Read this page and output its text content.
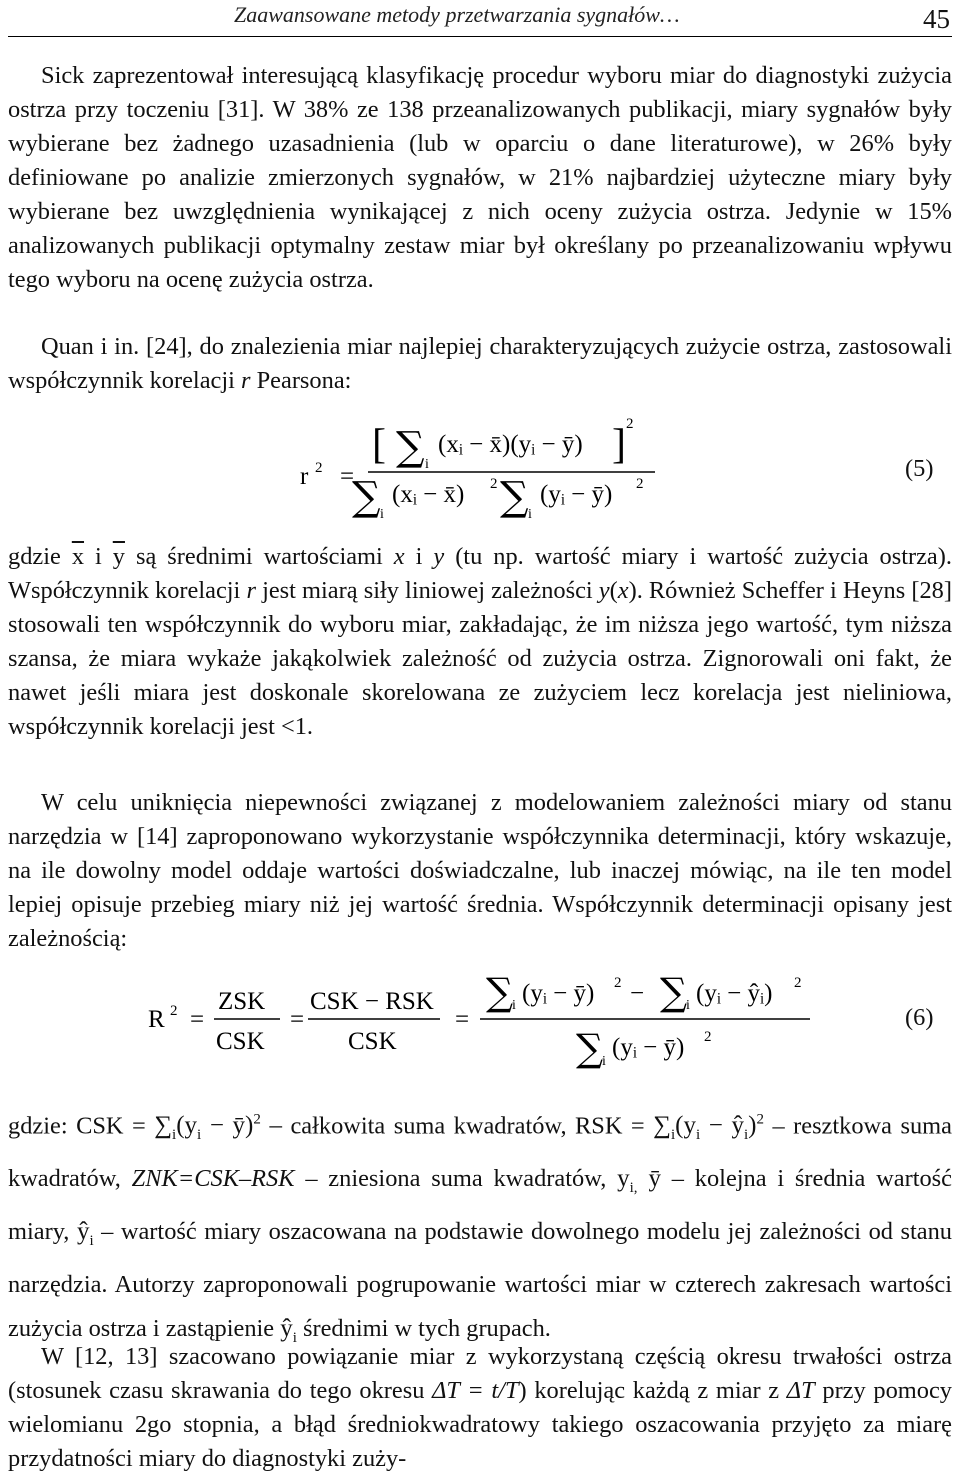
Zaawansowane metody przetwarzania sygnałów…	45

Sick zaprezentował interesującą klasyfikację procedur wyboru miar do diagnostyki zużycia ostrza przy toczeniu [31]. W 38% ze 138 przeanalizowanych publikacji, miary sygnałów były wybierane bez żadnego uzasadnienia (lub w oparciu o dane literaturowe), w 26% były definiowane po analizie zmierzonych sygnałów, w 21% najbardziej użyteczne miary były wybierane bez uwzględnienia wynikającej z nich oceny zużycia ostrza. Jedynie w 15% analizowanych publikacji optymalny zestaw miar był określany po przeanalizowaniu wpływu tego wyboru na ocenę zużycia ostrza.

Quan i in. [24], do znalezienia miar najlepiej charakteryzujących zużycie ostrza, zastosowali współczynnik korelacji r Pearsona:

r 2 =
[ ∑ i
(xᵢ − x̄)(yᵢ − ȳ) ] 2
∑ i
(xᵢ − x̄) 2 ∑ i
(yᵢ − ȳ) 2
(5)

gdzie $\overline{x}$ i $\overline{y}$ są średnimi wartościami x i y (tu np. wartość miary i wartość zużycia ostrza). Współczynnik korelacji r jest miarą siły liniowej zależności y(x). Również Scheffer i Heyns [28] stosowali ten współczynnik do wyboru miar, zakładając, że im niższa jego wartość, tym niższa szansa, że miara wykaże jakąkolwiek zależność od zużycia ostrza. Zignorowali oni fakt, że nawet jeśli miara jest doskonale skorelowana ze zużyciem lecz korelacja jest nieliniowa, współczynnik korelacji jest <1.

W celu uniknięcia niepewności związanej z modelowaniem zależności miary od stanu narzędzia w [14] zaproponowano wykorzystanie współczynnika determinacji, który wskazuje, na ile dowolny model oddaje wartości doświadczalne, lub inaczej mówiąc, na ile ten model lepiej opisuje przebieg miary niż jej wartość średnia. Współczynnik determinacji opisany jest zależnością:

R 2 =
ZSK
CSK
=
CSK − RSK
CSK
=
∑
i (yᵢ − ȳ) 2 − ∑
i (yᵢ − ŷᵢ) 2
∑
i
(yᵢ − ȳ) 2
(6)

gdzie: CSK = $\sum_i(y_i$ − ȳ)$^2$ – całkowita suma kwadratów, RSK = $\sum_i(y_i$ − $ŷ_i)^2$ – resztkowa suma kwadratów, ZNK=CSK–RSK – zniesiona suma kwadratów, $y_{i,}$ ȳ – kolejna i średnia wartość miary, $ŷ_i$ – wartość miary oszacowana na podstawie dowolnego modelu jej zależności od stanu narzędzia. Autorzy zaproponowali pogrupowanie wartości miar w czterech zakresach wartości zużycia ostrza i zastąpienie $ŷ_i$ średnimi w tych grupach.

W [12, 13] szacowano powiązanie miar z wykorzystaną częścią okresu trwałości ostrza (stosunek czasu skrawania do tego okresu ΔT = t/T) korelując każdą z miar z ΔT przy pomocy wielomianu 2go stopnia, a błąd średniokwadratowy takiego oszacowania przyjęto za miarę przydatności miary do diagnostyki zuży-
